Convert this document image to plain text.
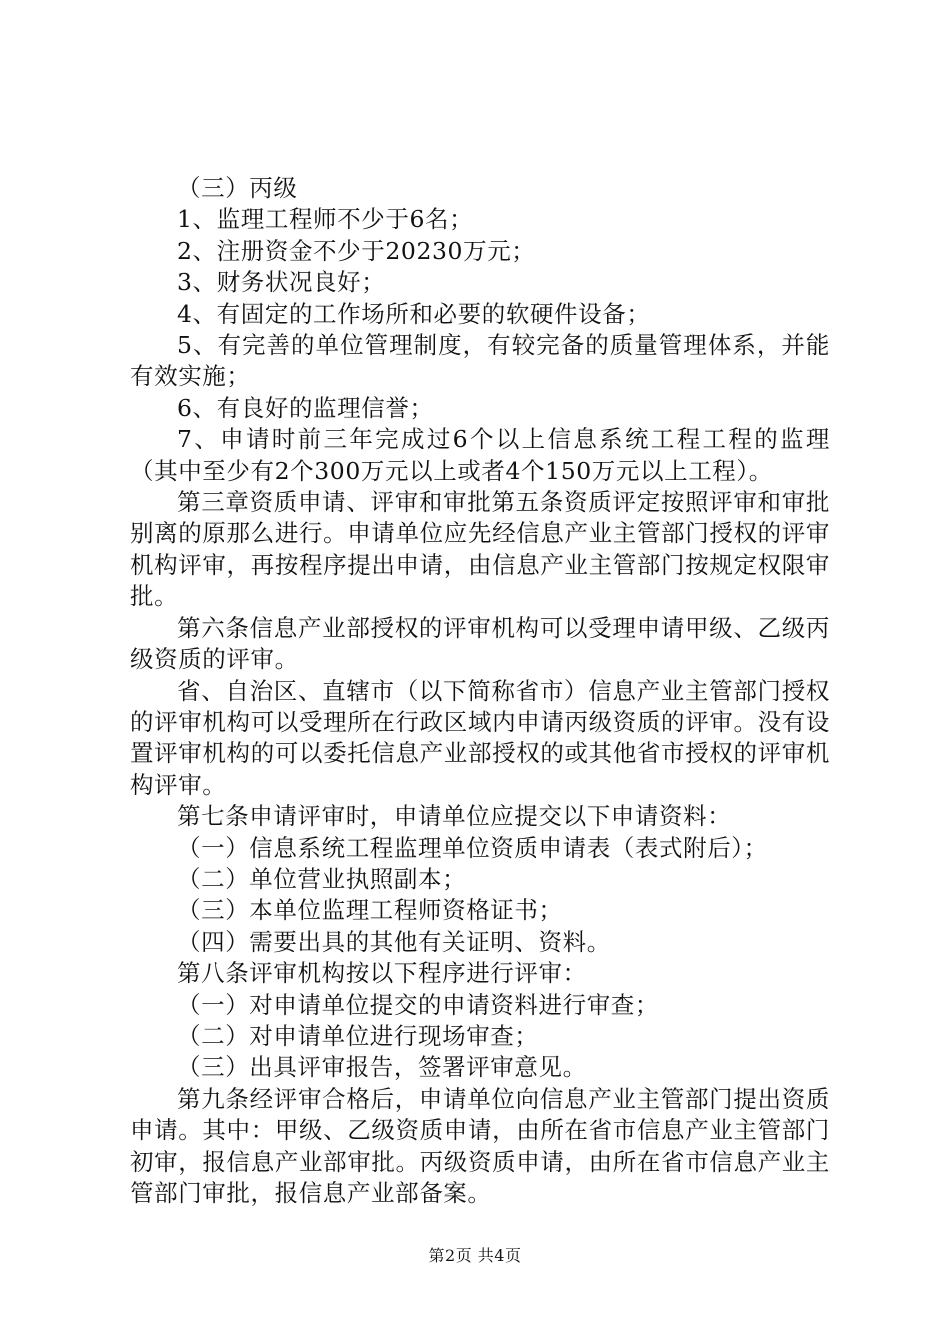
（三）丙级

1、监理工程师不少于6名；

2、注册资金不少于20230万元；

3、财务状况良好；

4、有固定的工作场所和必要的软硬件设备；

5、有完善的单位管理制度，有较完备的质量管理体系，并能有效实施；

6、有良好的监理信誉；

7、申请时前三年完成过6个以上信息系统工程工程的监理（其中至少有2个300万元以上或者4个150万元以上工程）。

第三章资质申请、评审和审批第五条资质评定按照评审和审批别离的原那么进行。申请单位应先经信息产业主管部门授权的评审机构评审，再按程序提出申请，由信息产业主管部门按规定权限审批。

第六条信息产业部授权的评审机构可以受理申请甲级、乙级丙级资质的评审。

省、自治区、直辖市（以下简称省市）信息产业主管部门授权的评审机构可以受理所在行政区域内申请丙级资质的评审。没有设置评审机构的可以委托信息产业部授权的或其他省市授权的评审机构评审。

第七条申请评审时，申请单位应提交以下申请资料：

（一）信息系统工程监理单位资质申请表（表式附后）；

（二）单位营业执照副本；

（三）本单位监理工程师资格证书；

（四）需要出具的其他有关证明、资料。

第八条评审机构按以下程序进行评审：

（一）对申请单位提交的申请资料进行审查；

（二）对申请单位进行现场审查；

（三）出具评审报告，签署评审意见。

第九条经评审合格后，申请单位向信息产业主管部门提出资质申请。其中：甲级、乙级资质申请，由所在省市信息产业主管部门初审，报信息产业部审批。丙级资质申请，由所在省市信息产业主管部门审批，报信息产业部备案。

第2页 共4页
